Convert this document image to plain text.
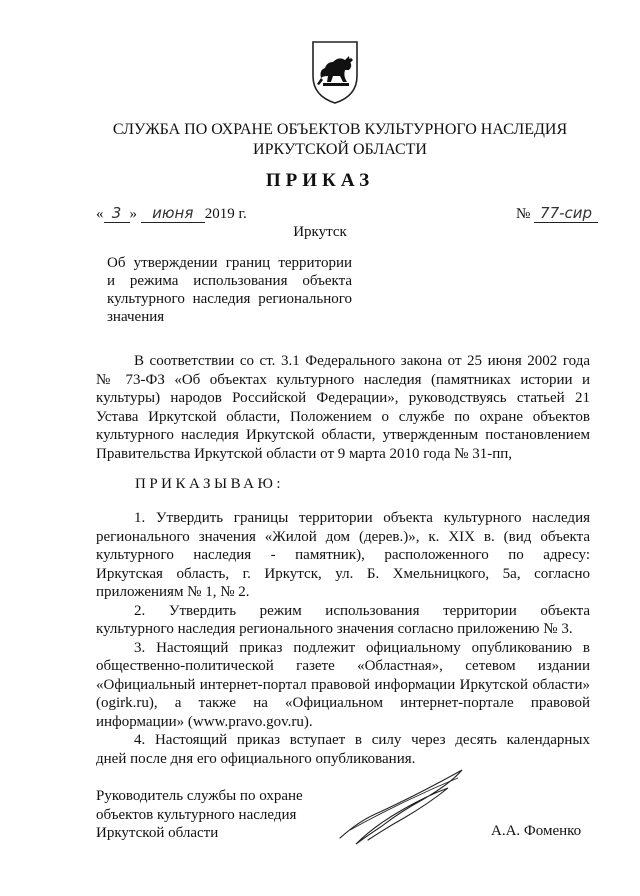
СЛУЖБА ПО ОХРАНЕ ОБЪЕКТОВ КУЛЬТУРНОГО НАСЛЕДИЯ
ИРКУТСКОЙ ОБЛАСТИ
ПРИКАЗ
« 3 » июня 2019 г.	№ 77-сир
Иркутск
Об утверждении границ территории
и режима использования объекта
культурного наследия регионального
значения
В соответствии со ст. 3.1 Федерального закона от 25 июня 2002 года
№ 73-ФЗ «Об объектах культурного наследия (памятниках истории и
культуры) народов Российской Федерации», руководствуясь статьей 21
Устава Иркутской области, Положением о службе по охране объектов
культурного наследия Иркутской области, утвержденным постановлением
Правительства Иркутской области от 9 марта 2010 года № 31-пп,
ПРИКАЗЫВАЮ:
1. Утвердить границы территории объекта культурного наследия
регионального значения «Жилой дом (дерев.)», к. XIX в. (вид объекта
культурного наследия - памятник), расположенного по адресу:
Иркутская область, г. Иркутск, ул. Б. Хмельницкого, 5а, согласно
приложениям № 1, № 2.
2. Утвердить режим использования территории объекта
культурного наследия регионального значения согласно приложению № 3.
3. Настоящий приказ подлежит официальному опубликованию в
общественно-политической газете «Областная», сетевом издании
«Официальный интернет-портал правовой информации Иркутской области»
(ogirk.ru), а также на «Официальном интернет-портале правовой
информации» (www.pravo.gov.ru).
4. Настоящий приказ вступает в силу через десять календарных
дней после дня его официального опубликования.
Руководитель службы по охране
объектов культурного наследия
Иркутской области	А.А. Фоменко
